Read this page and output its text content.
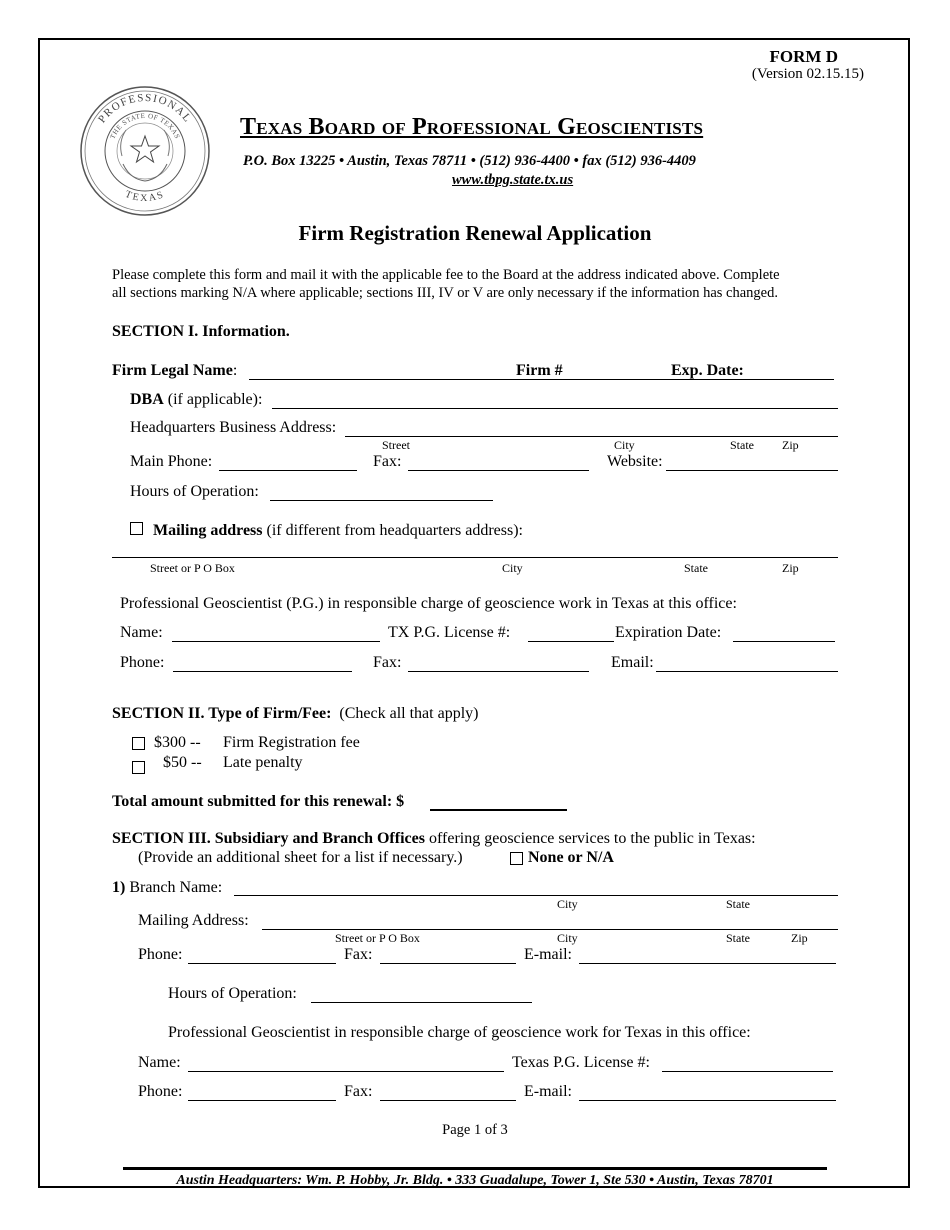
FORM D
(Version 02.15.15)
PROFESSIONAL
TEXAS
THE STATE OF TEXAS Texas Board of Professional Geoscientists
P.O. Box 13225 • Austin, Texas 78711 • (512) 936-4400 • fax (512) 936-4409
www.tbpg.state.tx.us
Firm Registration Renewal Application
Please complete this form and mail it with the applicable fee to the Board at the address indicated above. Complete
all sections marking N/A where applicable; sections III, IV or V are only necessary if the information has changed.
SECTION I. Information.
Firm Legal Name:	Firm #	Exp. Date:
DBA (if applicable):
Headquarters Business Address:
Street	City	State Zip
Main Phone:	Fax:	Website:
Hours of Operation:
Mailing address (if different from headquarters address):
Street or P O Box	City	State	Zip
Professional Geoscientist (P.G.) in responsible charge of geoscience work in Texas at this office:
Name:	TX P.G. License #:	Expiration Date:
Phone:	Fax:	Email:
SECTION II. Type of Firm/Fee: (Check all that apply)
$300 -- Firm Registration fee
$50 -- Late penalty
Total amount submitted for this renewal: $
SECTION III. Subsidiary and Branch Offices offering geoscience services to the public in Texas:
(Provide an additional sheet for a list if necessary.)	None or N/A
1) Branch Name:
City	State
Mailing Address:
Street or P O Box	City	State	Zip
Phone:	Fax:	E-mail:
Hours of Operation:
Professional Geoscientist in responsible charge of geoscience work for Texas in this office:
Name:	Texas P.G. License #:
Phone:	Fax:	E-mail:
Page 1 of 3
Austin Headquarters: Wm. P. Hobby, Jr. Bldg. • 333 Guadalupe, Tower 1, Ste 530 • Austin, Texas 78701
